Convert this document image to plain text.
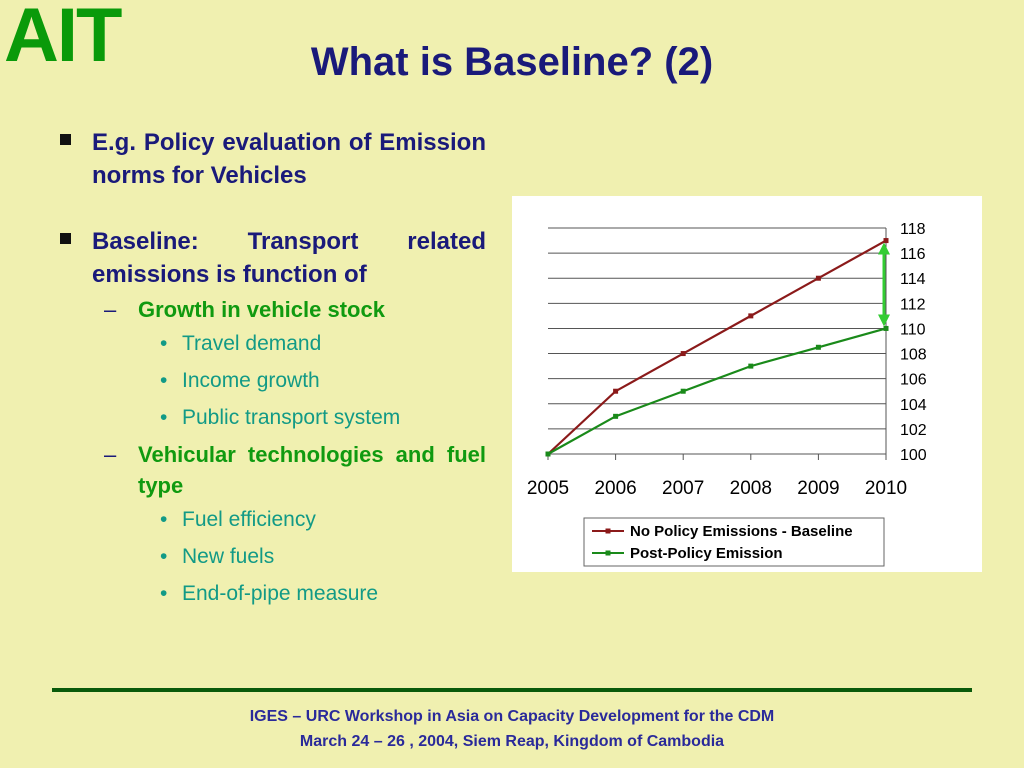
AIT	What is Baseline? (2)
E.g. Policy evaluation of Emission norms for Vehicles
Baseline: Transport related emissions is function of
– Growth in vehicle stock
• Travel demand
• Income growth
• Public transport system
– Vehicular technologies and fuel type
• Fuel efficiency
• New fuels
• End-of-pipe measure
100
102
104
106
108
110
112
114
116
118
2005 2006 2007 2008 2009 2010
No Policy Emissions - Baseline
Post-Policy Emission
IGES – URC Workshop in Asia on Capacity Development for the CDM
March 24 – 26 , 2004, Siem Reap, Kingdom of Cambodia
